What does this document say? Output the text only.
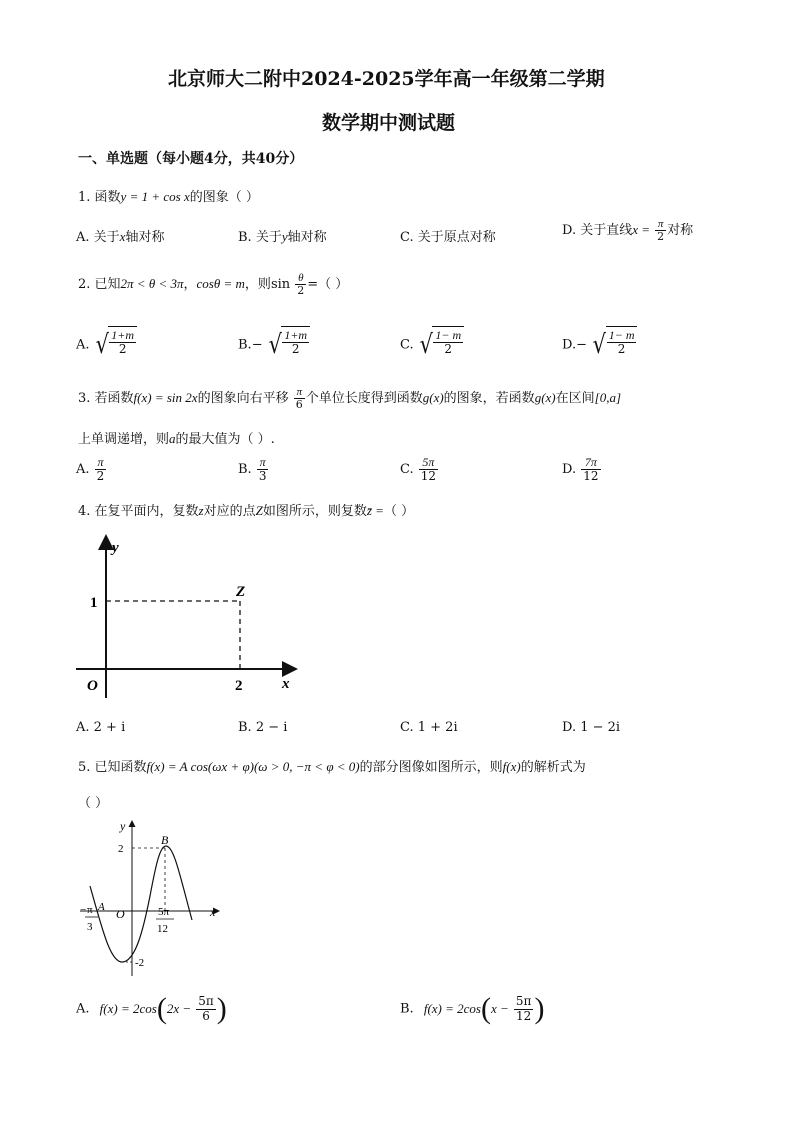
北京师大二附中2024-2025学年高一年级第二学期
数学期中测试题
一、单选题（每小题4分，共40分）
1. 函数y = 1 + cos x的图象（ ）
A. 关于x轴对称	B. 关于y轴对称	C. 关于原点对称	D. 关于直线$x = \frac{\pi}{2}$ 对称
2. 已知2π < θ < 3π，cosθ = m，则$\sin \frac{\theta}{2}$ =（ ）
A. √ $\frac{1+m}{2}$	B.− √ $\frac{1+m}{2}$	C. √ $\frac{1- m}{2}$	D.− √ $\frac{1- m}{2}$
3. 若函数f(x) = sin 2x的图象向右平移 $\frac{\pi}{6}$ 个单位长度得到函数g(x)的图象，若函数g(x)在区间[0,a]
上单调递增，则a的最大值为（ ）.
A. $\frac{\pi}{2}$	B. $\frac{\pi}{3}$	C. $\frac{5\pi}{12}$	D. $\frac{7\pi}{12}$
4. 在复平面内，复数z对应的点Z如图所示，则复数z̄ =（ ）
y
x
O
Z
1
2
A. 2 + i	B. 2 − i	C. 1 + 2i	D. 1 − 2i
5. 已知函数f(x) = A cos(ωx + φ)(ω > 0, −π < φ < 0)的部分图像如图所示，则f(x)的解析式为
（ ）
y
x
O
A
B
2
-2
− π
3
5π
12
A. $f(x) = 2\cos(2x - \frac{5\pi}{6}$ )	B. $f(x) = 2\cos(x - \frac{5\pi}{12}$ )
